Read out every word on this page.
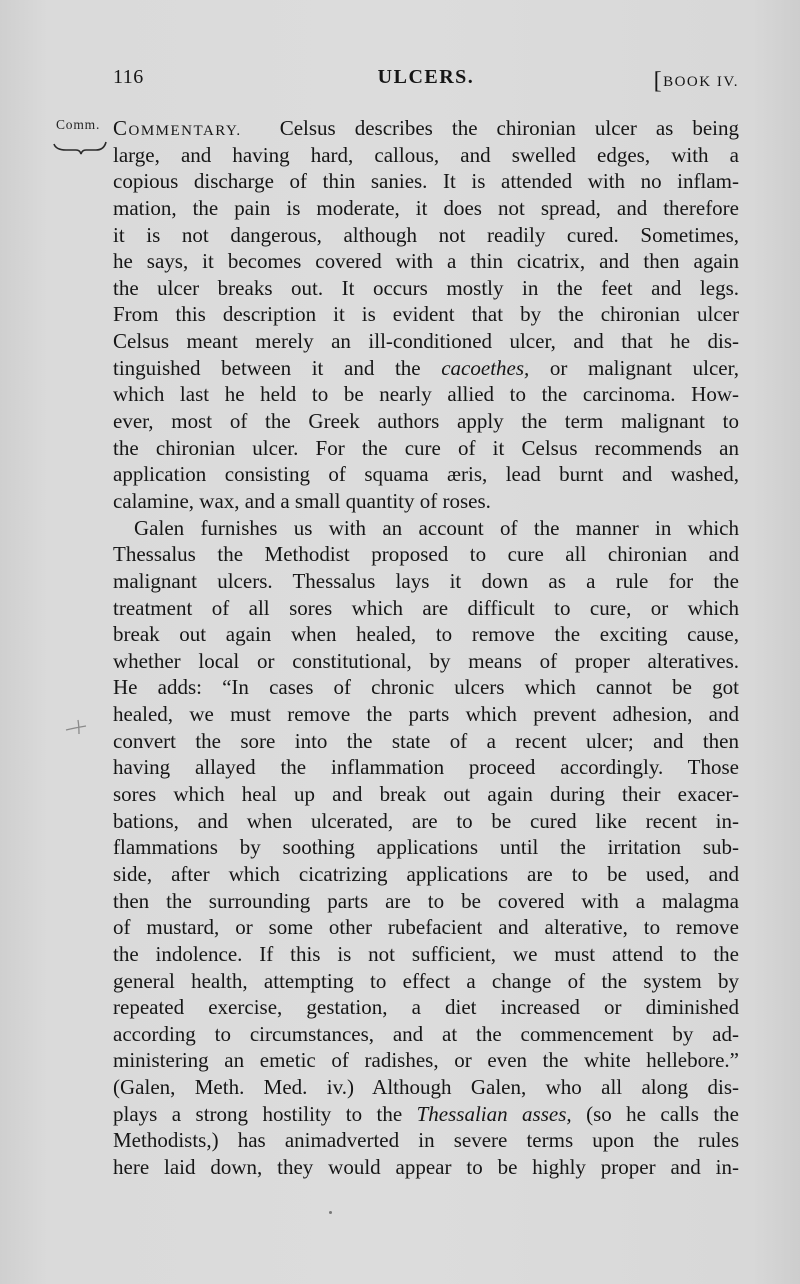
116	ULCERS.	[BOOK IV.
Comm. COMMENTARY. Celsus describes the chironian ulcer as being
large, and having hard, callous, and swelled edges, with a
copious discharge of thin sanies. It is attended with no inflam-
mation, the pain is moderate, it does not spread, and therefore
it is not dangerous, although not readily cured. Sometimes,
he says, it becomes covered with a thin cicatrix, and then again
the ulcer breaks out. It occurs mostly in the feet and legs.
From this description it is evident that by the chironian ulcer
Celsus meant merely an ill-conditioned ulcer, and that he dis-
tinguished between it and the cacoethes, or malignant ulcer,
which last he held to be nearly allied to the carcinoma. How-
ever, most of the Greek authors apply the term malignant to
the chironian ulcer. For the cure of it Celsus recommends an
application consisting of squama æris, lead burnt and washed,
calamine, wax, and a small quantity of roses.
Galen furnishes us with an account of the manner in which
Thessalus the Methodist proposed to cure all chironian and
malignant ulcers. Thessalus lays it down as a rule for the
treatment of all sores which are difficult to cure, or which
break out again when healed, to remove the exciting cause,
whether local or constitutional, by means of proper alteratives.
He adds: “In cases of chronic ulcers which cannot be got
healed, we must remove the parts which prevent adhesion, and
convert the sore into the state of a recent ulcer; and then
having allayed the inflammation proceed accordingly. Those
sores which heal up and break out again during their exacer-
bations, and when ulcerated, are to be cured like recent in-
flammations by soothing applications until the irritation sub-
side, after which cicatrizing applications are to be used, and
then the surrounding parts are to be covered with a malagma
of mustard, or some other rubefacient and alterative, to remove
the indolence. If this is not sufficient, we must attend to the
general health, attempting to effect a change of the system by
repeated exercise, gestation, a diet increased or diminished
according to circumstances, and at the commencement by ad-
ministering an emetic of radishes, or even the white hellebore.”
(Galen, Meth. Med. iv.) Although Galen, who all along dis-
plays a strong hostility to the Thessalian asses, (so he calls the
Methodists,) has animadverted in severe terms upon the rules
here laid down, they would appear to be highly proper and in-
